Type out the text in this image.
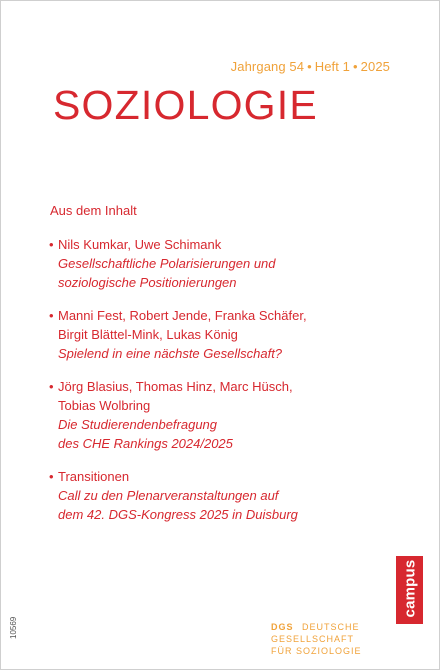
Jahrgang 54 • Heft 1 • 2025
SOZIOLOGIE
Aus dem Inhalt
• Nils Kumkar, Uwe Schimank
Gesellschaftliche Polarisierungen und
soziologische Positionierungen
• Manni Fest, Robert Jende, Franka Schäfer,
Birgit Blättel-Mink, Lukas König
Spielend in eine nächste Gesellschaft?
• Jörg Blasius, Thomas Hinz, Marc Hüsch,
Tobias Wolbring
Die Studierendenbefragung
des CHE Rankings 2024/2025
• Transitionen
Call zu den Plenarveranstaltungen auf
dem 42. DGS-Kongress 2025 in Duisburg
campus
DGS DEUTSCHE
GESELLSCHAFT
FÜR SOZIOLOGIE
10569
